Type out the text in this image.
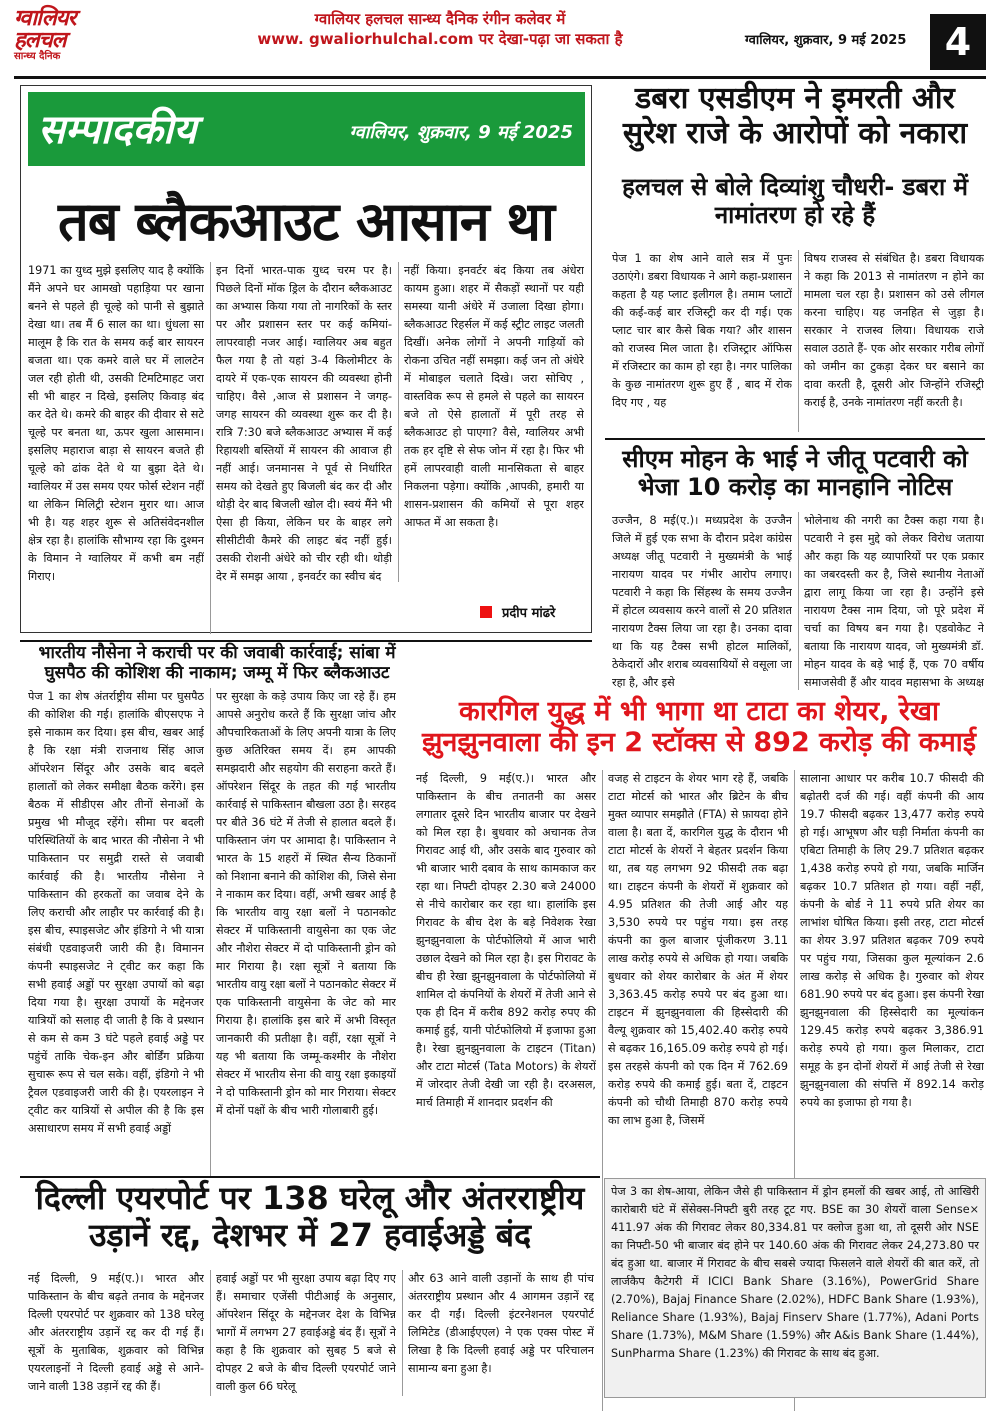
ग्वालियर
हलचल
सान्ध्य दैनिक
ग्वालियर हलचल सान्ध्य दैनिक रंगीन कलेवर में
www. gwaliorhulchal.com पर देखा-पढ़ा जा सकता है	ग्वालियर, शुक्रवार, 9 मई 2025	4
सम्पादकीय	ग्वालियर, शुक्रवार, 9 मई 2025
तब ब्लैकआउट आसान था
1971 का युध्द मुझे इसलिए याद है क्योंकि मैंने अपने घर आमखो पहाड़िया पर खाना बनने से पहले ही चूल्हे को पानी से बुझाते देखा था। तब मैं 6 साल का था। धुंधला सा मालूम है कि रात के समय कई बार सायरन बजता था। एक कमरे वाले घर में लालटेन जल रही होती थी, उसकी टिमटिमाहट जरा सी भी बाहर न दिखे, इसलिए किवाड़ बंद कर देते थे। कमरे की बाहर की दीवार से सटे चूल्हे पर बनता था, ऊपर खुला आसमान। इसलिए महाराज बाड़ा से सायरन बजते ही चूल्हे को ढांक देते थे या बुझा देते थे। ग्वालियर में उस समय एयर फोर्स स्टेशन नहीं था लेकिन मिलिट्री स्टेशन मुरार था। आज भी है। यह शहर शुरू से अतिसंवेदनशील क्षेत्र रहा है। हालांकि सौभाग्य रहा कि दुश्मन के विमान ने ग्वालियर में कभी बम नहीं गिराए।
इन दिनों भारत-पाक युध्द चरम पर है। पिछले दिनों मॉक ड्रिल के दौरान ब्लैकआउट का अभ्यास किया गया तो नागरिकों के स्तर पर और प्रशासन स्तर पर कई कमियां-लापरवाही नजर आई। ग्वालियर अब बहुत फैल गया है तो यहां 3-4 किलोमीटर के दायरे में एक-एक सायरन की व्यवस्था होनी चाहिए। वैसे ,आज से प्रशासन ने जगह-जगह सायरन की व्यवस्था शुरू कर दी है। रात्रि 7:30 बजे ब्लैकआउट अभ्यास में कई रिहायशी बस्तियों में सायरन की आवाज ही नहीं आई। जनमानस ने पूर्व से निर्धारित समय को देखते हुए बिजली बंद कर दी और थोड़ी देर बाद बिजली खोल दी। स्वयं मैंने भी ऐसा ही किया, लेकिन घर के बाहर लगे सीसीटीवी कैमरे की लाइट बंद नहीं हुई। उसकी रोशनी अंधेरे को चीर रही थी। थोड़ी देर में समझ आया , इनवर्टर का स्वीच बंद
नहीं किया। इनवर्टर बंद किया तब अंधेरा कायम हुआ। शहर में सैकड़ों स्थानों पर यही समस्या यानी अंधेरे में उजाला दिखा होगा। ब्लैकआउट रिहर्सल में कई स्ट्रीट लाइट जलती दिखीं। अनेक लोगों ने अपनी गाड़ियों को रोकना उचित नहीं समझा। कई जन तो अंधेरे में मोबाइल चलाते दिखे। जरा सोचिए , वास्तविक रूप से हमले से पहले का सायरन बजे तो ऐसे हालातों में पूरी तरह से ब्लैकआउट हो पाएगा? वैसे, ग्वालियर अभी तक हर दृष्टि से सेफ जोन में रहा है। फिर भी हमें लापरवाही वाली मानसिकता से बाहर निकलना पड़ेगा। क्योंकि ,आपकी, हमारी या शासन-प्रशासन की कमियों से पूरा शहर आफत में आ सकता है।
प्रदीप मांढरे
डबरा एसडीएम ने इमरती और सुरेश राजे के आरोपों को नकारा
हलचल से बोले दिव्यांशु चौधरी- डबरा में नामांतरण हो रहे हैं
पेज 1 का शेष आने वाले सत्र में पुनः उठाएंगे। डबरा विधायक ने आगे कहा-प्रशासन कहता है यह प्लाट इलीगल है। तमाम प्लाटों की कई-कई बार रजिस्ट्री कर दी गई। एक प्लाट चार बार कैसे बिक गया? और शासन को राजस्व मिल जाता है। रजिस्ट्रार ऑफिस में रजिस्टार का काम हो रहा है। नगर पालिका के कुछ नामांतरण शुरू हुए हैं , बाद में रोक दिए गए , यह
विषय राजस्व से संबंधित है। डबरा विधायक ने कहा कि 2013 से नामांतरण न होने का मामला चल रहा है। प्रशासन को उसे लीगल करना चाहिए। यह जनहित से जुड़ा है। सरकार ने राजस्व लिया। विधायक राजे सवाल उठाते हैं- एक ओर सरकार गरीब लोगों को जमीन का टुकड़ा देकर घर बसाने का दावा करती है, दूसरी ओर जिन्होंने रजिस्ट्री कराई है, उनके नामांतरण नहीं करती है।
सीएम मोहन के भाई ने जीतू पटवारी को भेजा 10 करोड़ का मानहानि नोटिस
उज्जैन, 8 मई(ए.)। मध्यप्रदेश के उज्जैन जिले में हुई एक सभा के दौरान प्रदेश कांग्रेस अध्यक्ष जीतू पटवारी ने मुख्यमंत्री के भाई नारायण यादव पर गंभीर आरोप लगाए। पटवारी ने कहा कि सिंहस्थ के समय उज्जैन में होटल व्यवसाय करने वालों से 20 प्रतिशत नारायण टैक्स लिया जा रहा है। उनका दावा था कि यह टैक्स सभी होटल मालिकों, ठेकेदारों और शराब व्यवसायियों से वसूला जा रहा है, और इसे
भोलेनाथ की नगरी का टैक्स कहा गया है। पटवारी ने इस मुद्दे को लेकर विरोध जताया और कहा कि यह व्यापारियों पर एक प्रकार का जबरदस्ती कर है, जिसे स्थानीय नेताओं द्वारा लागू किया जा रहा है। उन्होंने इसे नारायण टैक्स नाम दिया, जो पूरे प्रदेश में चर्चा का विषय बन गया है। एडवोकेट ने बताया कि नारायण यादव, जो मुख्यमंत्री डॉ. मोहन यादव के बड़े भाई हैं, एक 70 वर्षीय समाजसेवी हैं और यादव महासभा के अध्यक्ष
भारतीय नौसेना ने कराची पर की जवाबी कार्रवाई; सांबा में घुसपैठ की कोशिश की नाकाम; जम्मू में फिर ब्लैकआउट
पेज 1 का शेष अंतर्राष्ट्रीय सीमा पर घुसपैठ की कोशिश की गई। हालांकि बीएसएफ ने इसे नाकाम कर दिया। इस बीच, खबर आई है कि रक्षा मंत्री राजनाथ सिंह आज ऑपरेशन सिंदूर और उसके बाद बदले हालातों को लेकर समीक्षा बैठक करेंगे। इस बैठक में सीडीएस और तीनों सेनाओं के प्रमुख भी मौजूद रहेंगे। सीमा पर बदली परिस्थितियों के बाद भारत की नौसेना ने भी पाकिस्तान पर समुद्री रास्ते से जवाबी कार्रवाई की है। भारतीय नौसेना ने पाकिस्तान की हरकतों का जवाब देने के लिए कराची और लाहौर पर कार्रवाई की है। इस बीच, स्पाइसजेट और इंडिगो ने भी यात्रा संबंधी एडवाइजरी जारी की है। विमानन कंपनी स्पाइसजेट ने ट्वीट कर कहा कि सभी हवाई अड्डों पर सुरक्षा उपायों को बढ़ा दिया गया है। सुरक्षा उपायों के मद्देनजर यात्रियों को सलाह दी जाती है कि वे प्रस्थान से कम से कम 3 घंटे पहले हवाई अड्डे पर पहुंचें ताकि चेक-इन और बोर्डिंग प्रक्रिया सुचारू रूप से चल सके। वहीं, इंडिगो ने भी ट्रैवल एडवाइजरी जारी की है। एयरलाइन ने ट्वीट कर यात्रियों से अपील की है कि इस असाधारण समय में सभी हवाई अड्डों
पर सुरक्षा के कड़े उपाय किए जा रहे हैं। हम आपसे अनुरोध करते हैं कि सुरक्षा जांच और औपचारिकताओं के लिए अपनी यात्रा के लिए कुछ अतिरिक्त समय दें। हम आपकी समझदारी और सहयोग की सराहना करते हैं। ऑपरेशन सिंदूर के तहत की गई भारतीय कार्रवाई से पाकिस्तान बौखला उठा है। सरहद पर बीते 36 घंटे में तेजी से हालात बदले हैं। पाकिस्तान जंग पर आमादा है। पाकिस्तान ने भारत के 15 शहरों में स्थित सैन्य ठिकानों को निशाना बनाने की कोशिश की, जिसे सेना ने नाकाम कर दिया। वहीं, अभी खबर आई है कि भारतीय वायु रक्षा बलों ने पठानकोट सेक्टर में पाकिस्तानी वायुसेना का एक जेट और नौशेरा सेक्टर में दो पाकिस्तानी ड्रोन को मार गिराया है। रक्षा सूत्रों ने बताया कि भारतीय वायु रक्षा बलों ने पठानकोट सेक्टर में एक पाकिस्तानी वायुसेना के जेट को मार गिराया है। हालांकि इस बारे में अभी विस्तृत जानकारी की प्रतीक्षा है। वहीं, रक्षा सूत्रों ने यह भी बताया कि जम्मू-कश्मीर के नौशेरा सेक्टर में भारतीय सेना की वायु रक्षा इकाइयों ने दो पाकिस्तानी ड्रोन को मार गिराया। सेक्टर में दोनों पक्षों के बीच भारी गोलाबारी हुई।
कारगिल युद्ध में भी भागा था टाटा का शेयर, रेखा झुनझुनवाला की इन 2 स्टॉक्स से 892 करोड़ की कमाई
नई दिल्ली, 9 मई(ए.)। भारत और पाकिस्तान के बीच तनातनी का असर लगातार दूसरे दिन भारतीय बाजार पर देखने को मिल रहा है। बुधवार को अचानक तेज गिरावट आई थी, और उसके बाद गुरुवार को भी बाजार भारी दबाव के साथ कामकाज कर रहा था। निफ्टी दोपहर 2.30 बजे 24000 से नीचे कारोबार कर रहा था। हालांकि इस गिरावट के बीच देश के बड़े निवेशक रेखा झुनझुनवाला के पोर्टफोलियो में आज भारी उछाल देखने को मिल रहा है। इस गिरावट के बीच ही रेखा झुनझुनवाला के पोर्टफोलियो में शामिल दो कंपनियों के शेयरों में तेजी आने से एक ही दिन में करीब 892 करोड़ रुपए की कमाई हुई, यानी पोर्टफोलियो में इजाफा हुआ है। रेखा झुनझुनवाला के टाइटन (Titan) और टाटा मोटर्स (Tata Motors) के शेयरों में जोरदार तेजी देखी जा रही है। दरअसल, मार्च तिमाही में शानदार प्रदर्शन की
वजह से टाइटन के शेयर भाग रहे हैं, जबकि टाटा मोटर्स को भारत और ब्रिटेन के बीच मुक्त व्यापार समझौते (FTA) से फ़ायदा होने वाला है। बता दें, कारगिल युद्ध के दौरान भी टाटा मोटर्स के शेयरों ने बेहतर प्रदर्शन किया था, तब यह लगभग 92 फीसदी तक बढ़ा था। टाइटन कंपनी के शेयरों में शुक्रवार को 4.95 प्रतिशत की तेजी आई और यह 3,530 रुपये पर पहुंच गया। इस तरह कंपनी का कुल बाजार पूंजीकरण 3.11 लाख करोड़ रुपये से अधिक हो गया। जबकि बुधवार को शेयर कारोबार के अंत में शेयर 3,363.45 करोड़ रुपये पर बंद हुआ था। टाइटन में झुनझुनवाला की हिस्सेदारी की वैल्यू शुक्रवार को 15,402.40 करोड़ रुपये से बढ़कर 16,165.09 करोड़ रुपये हो गई। इस तरहसे कंपनी को एक दिन में 762.69 करोड़ रुपये की कमाई हुई। बता दें, टाइटन कंपनी को चौथी तिमाही 870 करोड़ रुपये का लाभ हुआ है, जिसमें
सालाना आधार पर करीब 10.7 फीसदी की बढ़ोतरी दर्ज की गई। वहीं कंपनी की आय 19.7 फीसदी बढ़कर 13,477 करोड़ रुपये हो गई। आभूषण और घड़ी निर्माता कंपनी का एबिटा तिमाही के लिए 29.7 प्रतिशत बढ़कर 1,438 करोड़ रुपये हो गया, जबकि मार्जिन बढ़कर 10.7 प्रतिशत हो गया। वहीं नहीं, कंपनी के बोर्ड ने 11 रुपये प्रति शेयर का लाभांश घोषित किया। इसी तरह, टाटा मोटर्स का शेयर 3.97 प्रतिशत बढ़कर 709 रुपये पर पहुंच गया, जिसका कुल मूल्यांकन 2.6 लाख करोड़ से अधिक है। गुरुवार को शेयर 681.90 रुपये पर बंद हुआ। इस कंपनी रेखा झुनझुनवाला की हिस्सेदारी का मूल्यांकन 129.45 करोड़ रुपये बढ़कर 3,386.91 करोड़ रुपये हो गया। कुल मिलाकर, टाटा समूह के इन दोनों शेयरों में आई तेजी से रेखा झुनझुनवाला की संपत्ति में 892.14 करोड़ रुपये का इजाफा हो गया है।
दिल्ली एयरपोर्ट पर 138 घरेलू और अंतरराष्ट्रीय उड़ानें रद्द, देशभर में 27 हवाईअड्डे बंद
नई दिल्ली, 9 मई(ए.)। भारत और पाकिस्तान के बीच बढ़ते तनाव के मद्देनजर दिल्ली एयरपोर्ट पर शुक्रवार को 138 घरेलू और अंतरराष्ट्रीय उड़ानें रद्द कर दी गई हैं। सूत्रों के मुताबिक, शुक्रवार को विभिन्न एयरलाइनों ने दिल्ली हवाई अड्डे से आने-जाने वाली 138 उड़ानें रद्द की हैं।
हवाई अड्डों पर भी सुरक्षा उपाय बढ़ा दिए गए हैं। समाचार एजेंसी पीटीआई के अनुसार, ऑपरेशन सिंदूर के मद्देनजर देश के विभिन्न भागों में लगभग 27 हवाईअड्डे बंद हैं। सूत्रों ने कहा है कि शुक्रवार को सुबह 5 बजे से दोपहर 2 बजे के बीच दिल्ली एयरपोर्ट जाने वाली कुल 66 घरेलू
और 63 आने वाली उड़ानों के साथ ही पांच अंतरराष्ट्रीय प्रस्थान और 4 आगमन उड़ानें रद्द कर दी गईं। दिल्ली इंटरनेशनल एयरपोर्ट लिमिटेड (डीआईएएल) ने एक एक्स पोस्ट में लिखा है कि दिल्ली हवाई अड्डे पर परिचालन सामान्य बना हुआ है।
पेज 3 का शेष-आया, लेकिन जैसे ही पाकिस्तान में ड्रोन हमलों की खबर आई, तो आखिरी कारोबारी घंटे में सेंसेक्स-निफ्टी बुरी तरह टूट गए. BSE का 30 शेयरों वाला Sense× 411.97 अंक की गिरावट लेकर 80,334.81 पर क्लोज हुआ था, तो दूसरी ओर NSE का निफ्टी-50 भी बाजार बंद होने पर 140.60 अंक की गिरावट लेकर 24,273.80 पर बंद हुआ था. बाजार में गिरावट के बीच सबसे ज्यादा फिसलने वाले शेयरों की बात करें, तो लार्जकैप कैटेगरी में ICICI Bank Share (3.16%), PowerGrid Share (2.70%), Bajaj Finance Share (2.02%), HDFC Bank Share (1.93%), Reliance Share (1.93%), Bajaj Finserv Share (1.77%), Adani Ports Share (1.73%), M&M Share (1.59%) और A&is Bank Share (1.44%), SunPharma Share (1.23%) की गिरावट के साथ बंद हुआ.
